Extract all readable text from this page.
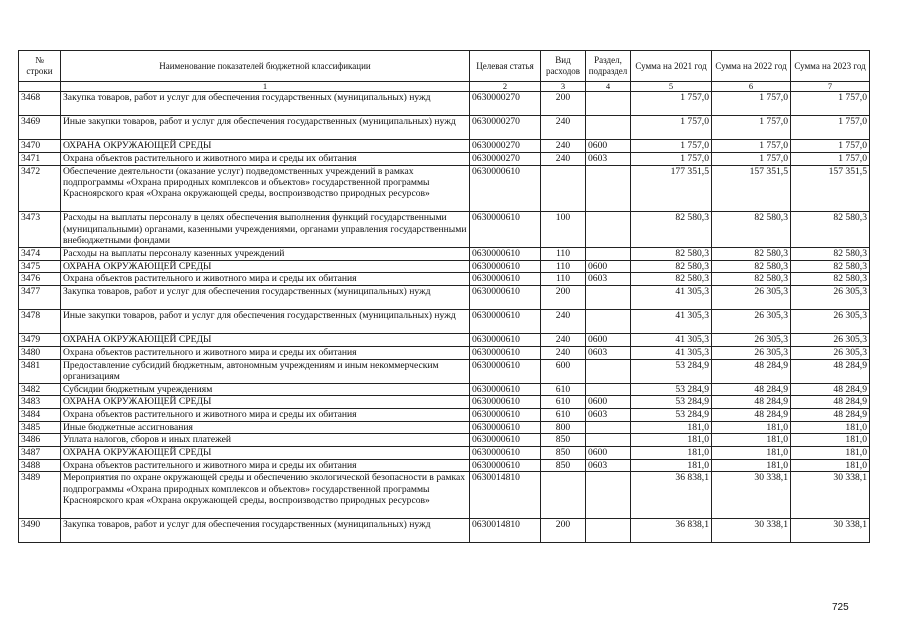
№ строки	Наименование показателей бюджетной классификации	Целевая статья	Вид расходов	Раздел, подраздел	Сумма на 2021 год	Сумма на 2022 год	Сумма на 2023 год
	1	2	3	4	5	6	7
3468	Закупка товаров, работ и услуг для обеспечения государственных (муниципальных) нужд	0630000270	200		1 757,0	1 757,0	1 757,0
3469	Иные закупки товаров, работ и услуг для обеспечения государственных (муниципальных) нужд	0630000270	240		1 757,0	1 757,0	1 757,0
3470	ОХРАНА ОКРУЖАЮЩЕЙ СРЕДЫ	0630000270	240	0600	1 757,0	1 757,0	1 757,0
3471	Охрана объектов растительного и животного мира и среды их обитания	0630000270	240	0603	1 757,0	1 757,0	1 757,0
3472	Обеспечение деятельности (оказание услуг) подведомственных учреждений в рамках подпрограммы «Охрана природных комплексов и объектов» государственной программы Красноярского края «Охрана окружающей среды, воспроизводство природных ресурсов»	0630000610			177 351,5	157 351,5	157 351,5
3473	Расходы на выплаты персоналу в целях обеспечения выполнения функций государственными (муниципальными) органами, казенными учреждениями, органами управления государственными внебюджетными фондами	0630000610	100		82 580,3	82 580,3	82 580,3
3474	Расходы на выплаты персоналу казенных учреждений	0630000610	110		82 580,3	82 580,3	82 580,3
3475	ОХРАНА ОКРУЖАЮЩЕЙ СРЕДЫ	0630000610	110	0600	82 580,3	82 580,3	82 580,3
3476	Охрана объектов растительного и животного мира и среды их обитания	0630000610	110	0603	82 580,3	82 580,3	82 580,3
3477	Закупка товаров, работ и услуг для обеспечения государственных (муниципальных) нужд	0630000610	200		41 305,3	26 305,3	26 305,3
3478	Иные закупки товаров, работ и услуг для обеспечения государственных (муниципальных) нужд	0630000610	240		41 305,3	26 305,3	26 305,3
3479	ОХРАНА ОКРУЖАЮЩЕЙ СРЕДЫ	0630000610	240	0600	41 305,3	26 305,3	26 305,3
3480	Охрана объектов растительного и животного мира и среды их обитания	0630000610	240	0603	41 305,3	26 305,3	26 305,3
3481	Предоставление субсидий бюджетным, автономным учреждениям и иным некоммерческим организациям	0630000610	600		53 284,9	48 284,9	48 284,9
3482	Субсидии бюджетным учреждениям	0630000610	610		53 284,9	48 284,9	48 284,9
3483	ОХРАНА ОКРУЖАЮЩЕЙ СРЕДЫ	0630000610	610	0600	53 284,9	48 284,9	48 284,9
3484	Охрана объектов растительного и животного мира и среды их обитания	0630000610	610	0603	53 284,9	48 284,9	48 284,9
3485	Иные бюджетные ассигнования	0630000610	800		181,0	181,0	181,0
3486	Уплата налогов, сборов и иных платежей	0630000610	850		181,0	181,0	181,0
3487	ОХРАНА ОКРУЖАЮЩЕЙ СРЕДЫ	0630000610	850	0600	181,0	181,0	181,0
3488	Охрана объектов растительного и животного мира и среды их обитания	0630000610	850	0603	181,0	181,0	181,0
3489	Мероприятия по охране окружающей среды и обеспечению экологической безопасности в рамках подпрограммы «Охрана природных комплексов и объектов» государственной программы Красноярского края «Охрана окружающей среды, воспроизводство природных ресурсов»	0630014810			36 838,1	30 338,1	30 338,1
3490	Закупка товаров, работ и услуг для обеспечения государственных (муниципальных) нужд	0630014810	200		36 838,1	30 338,1	30 338,1
725
